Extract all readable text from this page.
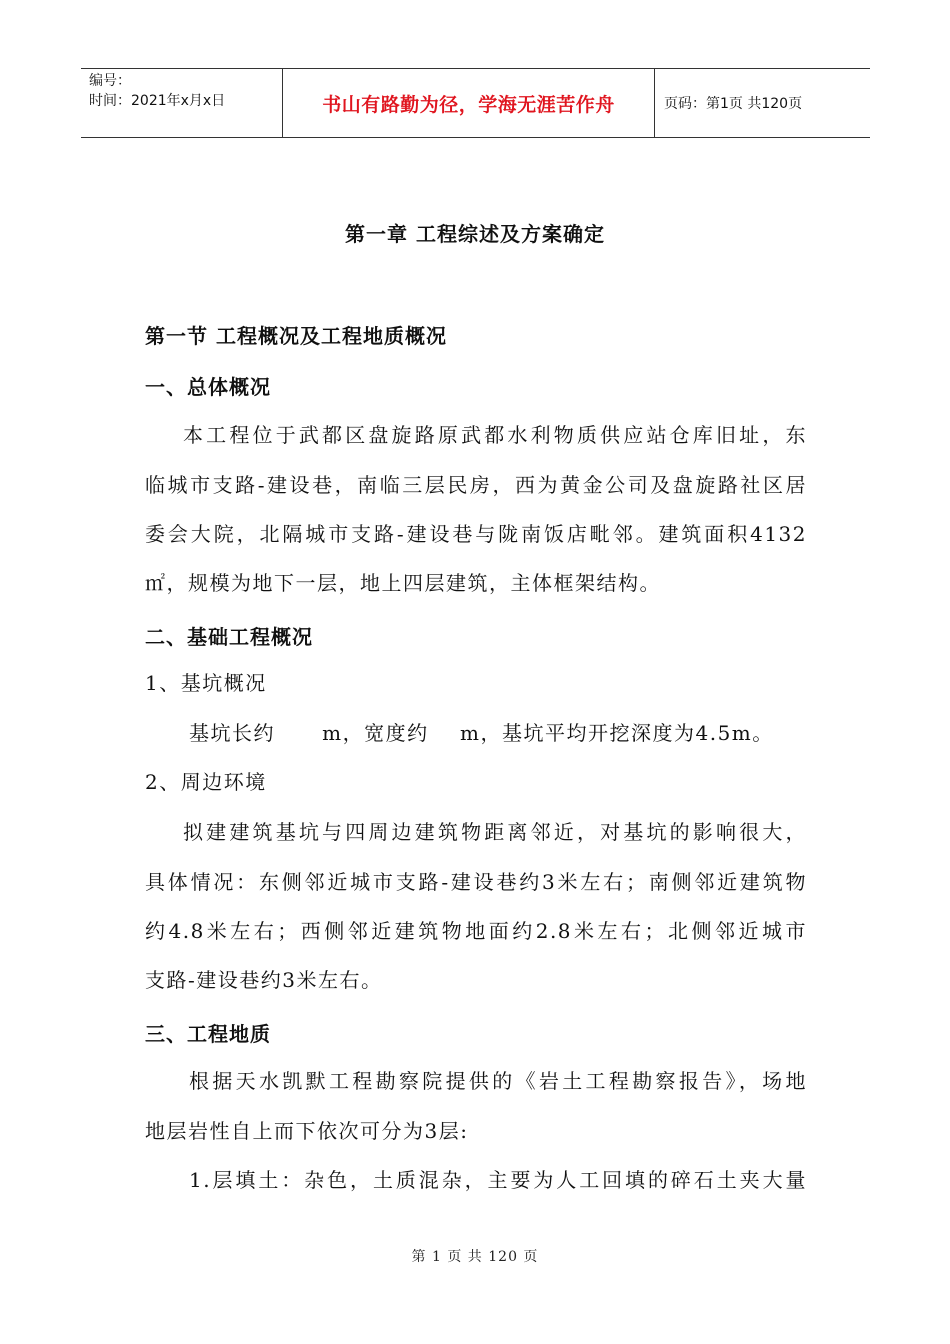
编号：
时间：2021年x月x日	书山有路勤为径，学海无涯苦作舟	页码：第1页 共120页
第一章 工程综述及方案确定
第一节 工程概况及工程地质概况
一、总体概况
本工程位于武都区盘旋路原武都水利物质供应站仓库旧址，东
临城市支路-建设巷，南临三层民房，西为黄金公司及盘旋路社区居
委会大院，北隔城市支路-建设巷与陇南饭店毗邻。建筑面积4132
㎡，规模为地下一层，地上四层建筑，主体框架结构。
二、基础工程概况
1、基坑概况
基坑长约      m，宽度约    m，基坑平均开挖深度为4.5m。
2、周边环境
拟建建筑基坑与四周边建筑物距离邻近，对基坑的影响很大，
具体情况：东侧邻近城市支路-建设巷约3米左右；南侧邻近建筑物
约4.8米左右；西侧邻近建筑物地面约2.8米左右；北侧邻近城市
支路-建设巷约3米左右。
三、工程地质
根据天水凯默工程勘察院提供的《岩土工程勘察报告》，场地
地层岩性自上而下依次可分为3层:
1.层填土：杂色，土质混杂，主要为人工回填的碎石土夹大量
第 1 页 共 120 页
